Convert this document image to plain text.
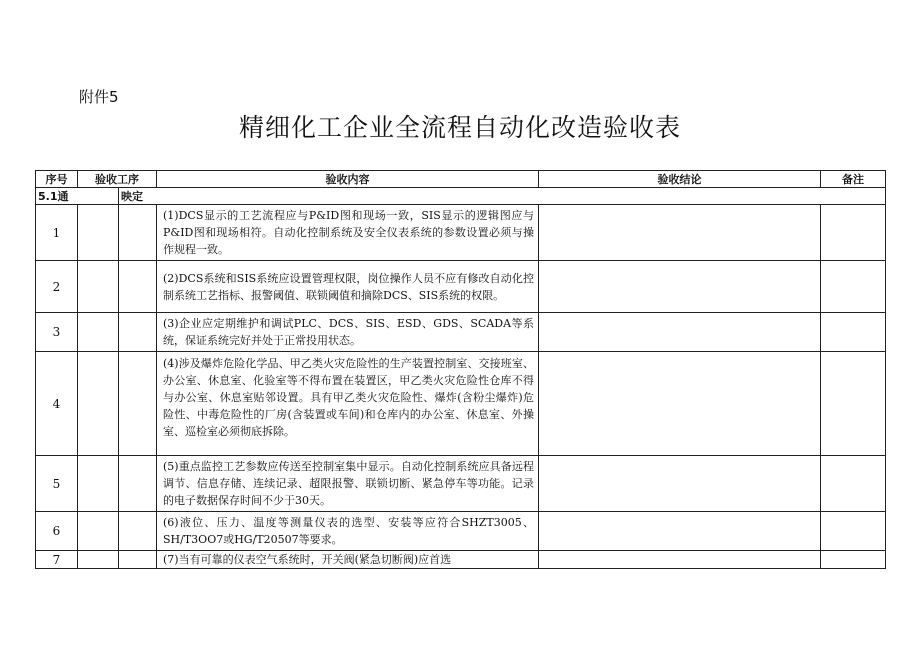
附件5
精细化工企业全流程自动化改造验收表
序号	验收工序		验收内容	验收结论	备注
5.1通		映定			
1			(1)DCS显示的工艺流程应与P&ID图和现场一致，SIS显示的逻辑图应与P&ID图和现场相符。自动化控制系统及安全仪表系统的参数设置必须与操作规程一致。		
2			(2)DCS系统和SIS系统应设置管理权限，岗位操作人员不应有修改自动化控制系统工艺指标、报警阈值、联锁阈值和摘除DCS、SIS系统的权限。		
3			(3)企业应定期维护和调试PLC、DCS、SIS、ESD、GDS、SCADA等系统，保证系统完好并处于正常投用状态。		
4			(4)涉及爆炸危险化学品、甲乙类火灾危险性的生产装置控制室、交接班室、办公室、休息室、化验室等不得布置在装置区，甲乙类火灾危险性仓库不得与办公室、休息室贴邻设置。具有甲乙类火灾危险性、爆炸(含粉尘爆炸)危险性、中毒危险性的厂房(含装置或车间)和仓库内的办公室、休息室、外操室、巡检室必须彻底拆除。		
5			(5)重点监控工艺参数应传送至控制室集中显示。自动化控制系统应具备远程调节、信息存储、连续记录、超限报警、联锁切断、紧急停车等功能。记录的电子数据保存时间不少于30天。		
6			(6)液位、压力、温度等测量仪表的选型、安装等应符合SHZT3005、SH/T3OO7或HG/T20507等要求。		
7			(7)当有可靠的仪表空气系统时，开关阀(紧急切断阀)应首选		
